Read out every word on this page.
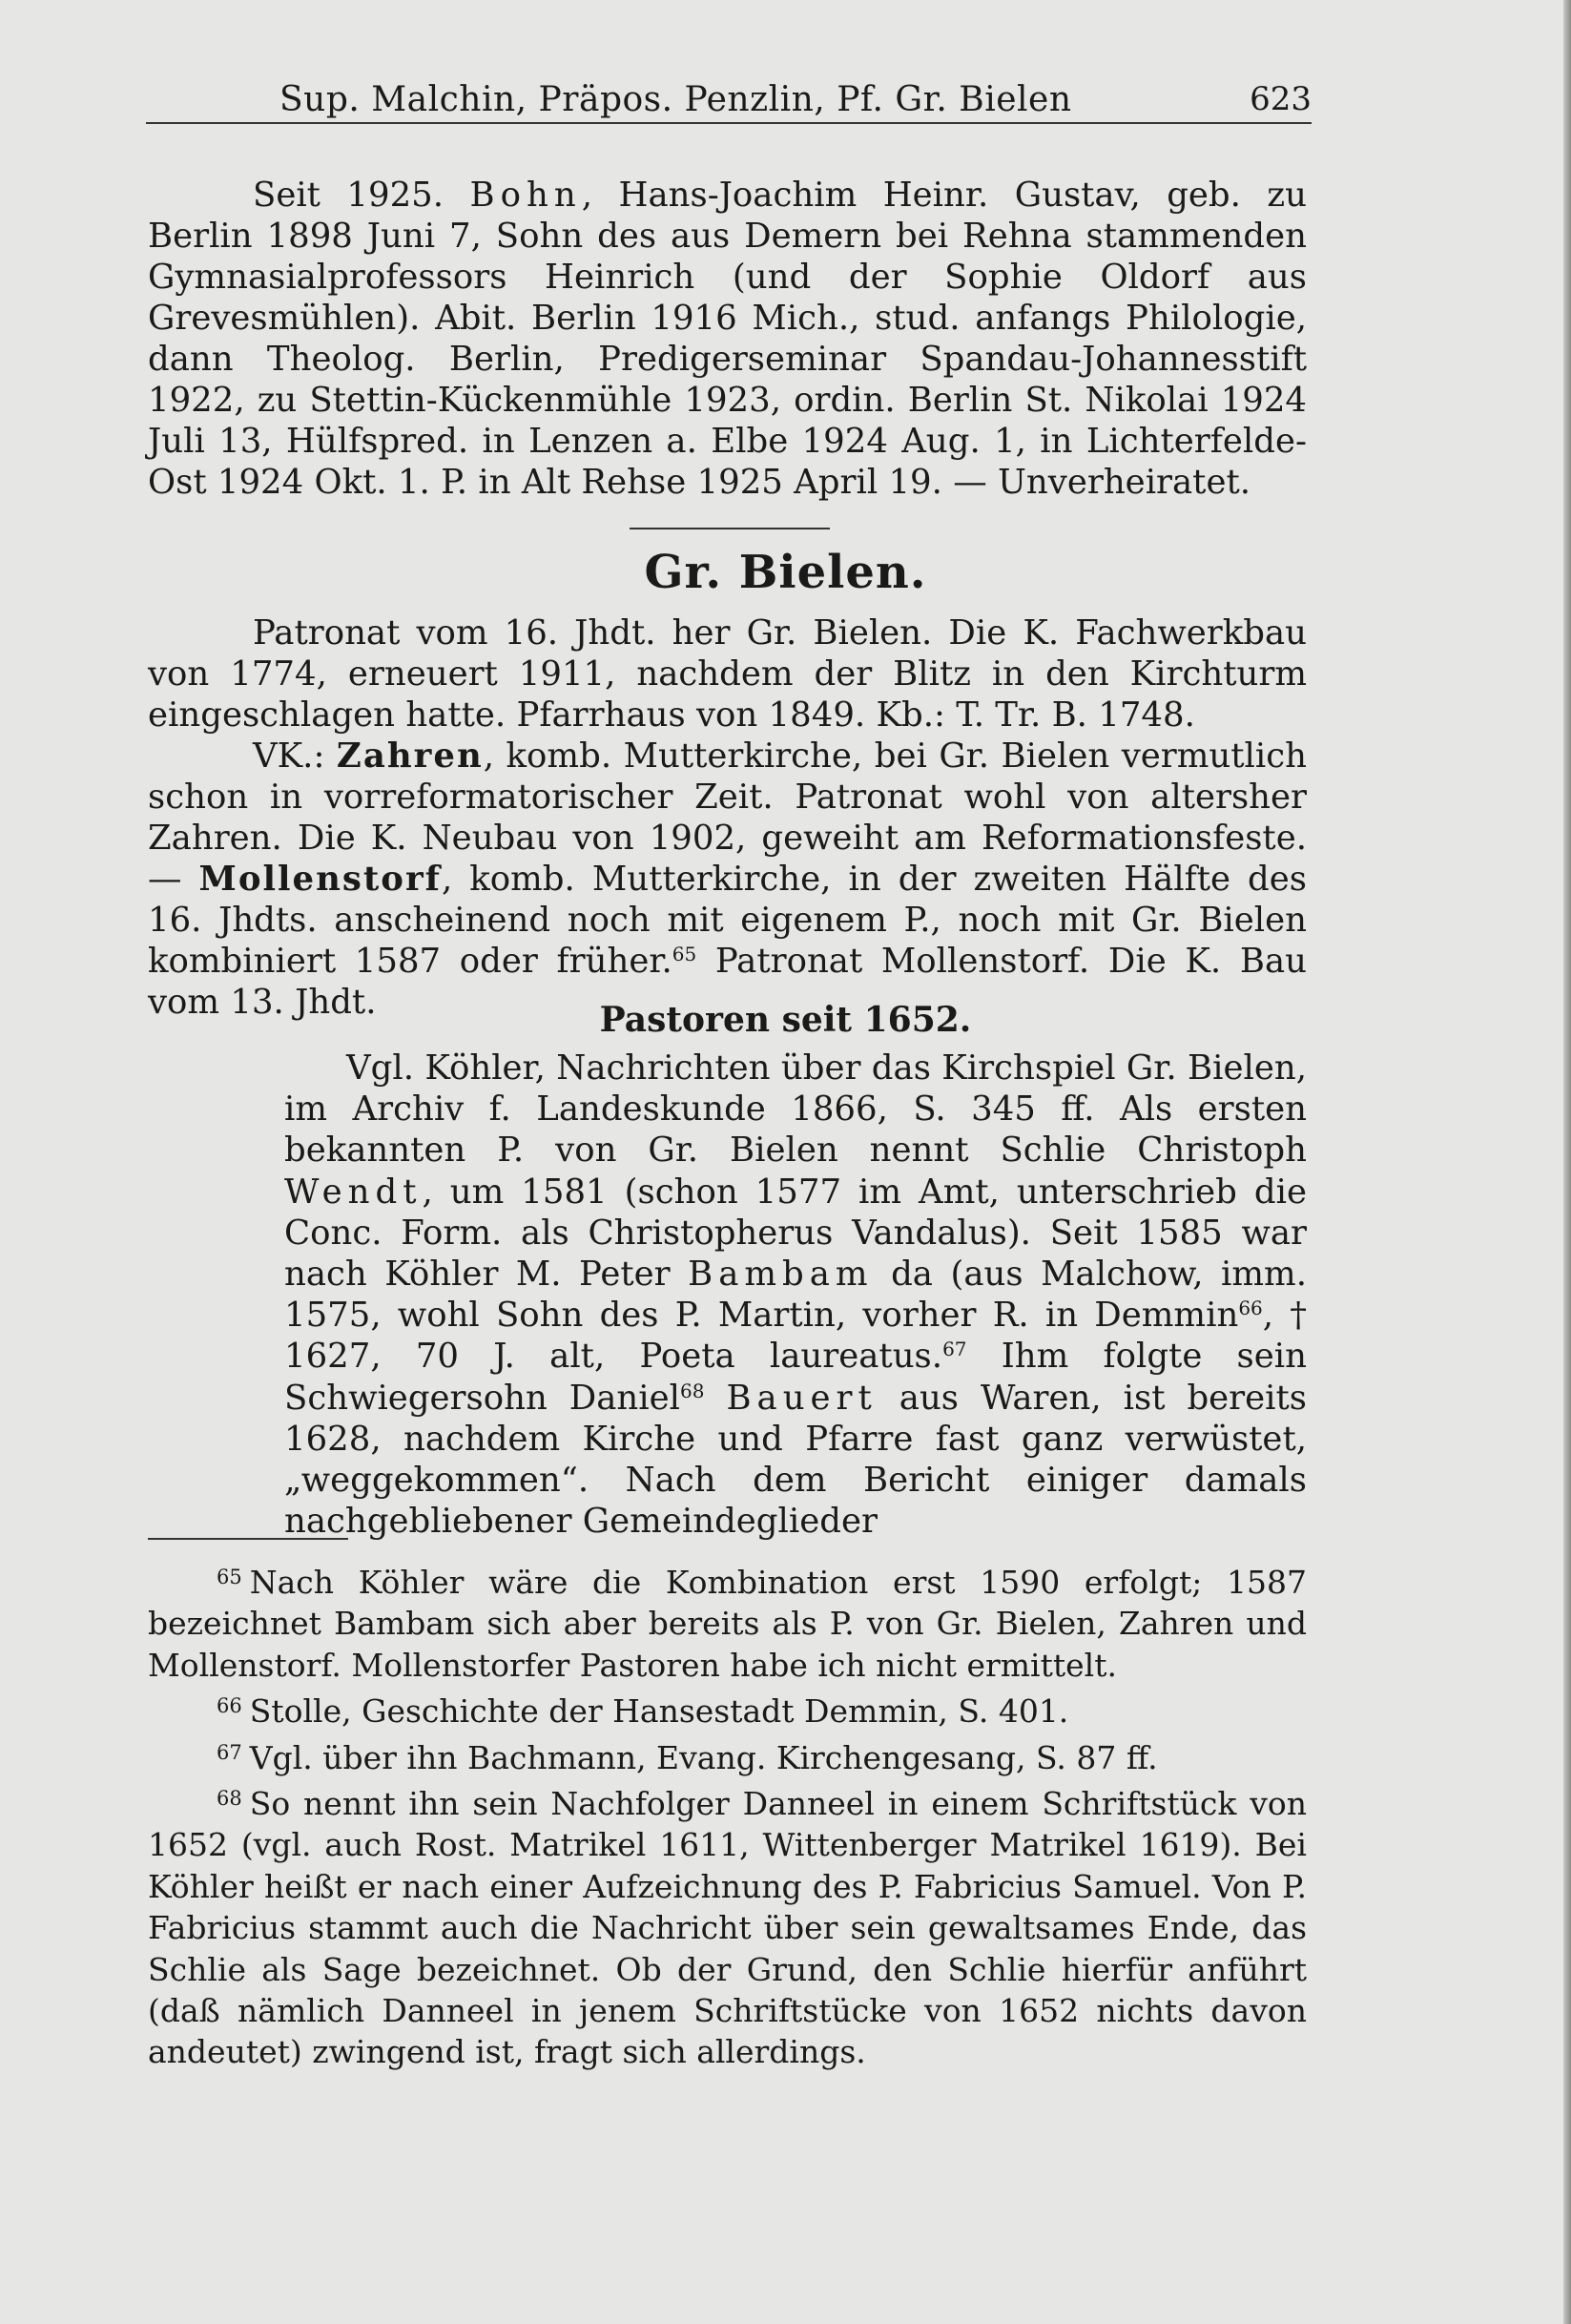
Sup. Malchin, Präpos. Penzlin, Pf. Gr. Bielen	623

Seit 1925. Bohn, Hans-Joachim Heinr. Gustav, geb. zu Berlin 1898 Juni 7, Sohn des aus Demern bei Rehna stammenden Gymnasialprofessors Heinrich (und der Sophie Oldorf aus Grevesmühlen). Abit. Berlin 1916 Mich., stud. anfangs Philologie, dann Theolog. Berlin, Predigerseminar Spandau-Johannesstift 1922, zu Stettin-Kückenmühle 1923, ordin. Berlin St. Nikolai 1924 Juli 13, Hülfspred. in Lenzen a. Elbe 1924 Aug. 1, in Lichterfelde-Ost 1924 Okt. 1. P. in Alt Rehse 1925 April 19. — Unverheiratet.

Gr. Bielen.

Patronat vom 16. Jhdt. her Gr. Bielen. Die K. Fachwerkbau von 1774, erneuert 1911, nachdem der Blitz in den Kirchturm eingeschlagen hatte. Pfarrhaus von 1849. Kb.: T. Tr. B. 1748.

VK.: Zahren, komb. Mutterkirche, bei Gr. Bielen vermutlich schon in vorreformatorischer Zeit. Patronat wohl von altersher Zahren. Die K. Neubau von 1902, geweiht am Reformationsfeste. — Mollenstorf, komb. Mutterkirche, in der zweiten Hälfte des 16. Jhdts. anscheinend noch mit eigenem P., noch mit Gr. Bielen kombiniert 1587 oder früher.$^{65}$ Patronat Mollenstorf. Die K. Bau vom 13. Jhdt.	Pastoren seit 1652.
Vgl. Köhler, Nachrichten über das Kirchspiel Gr. Bielen, im Archiv f. Landeskunde 1866, S. 345 ff. Als ersten bekannten P. von Gr. Bielen nennt Schlie Christoph Wendt, um 1581 (schon 1577 im Amt, unterschrieb die Conc. Form. als Christopherus Vandalus). Seit 1585 war nach Köhler M. Peter Bambam da (aus Malchow, imm. 1575, wohl Sohn des P. Martin, vorher R. in Demmin$^{66}$, † 1627, 70 J. alt, Poeta laureatus.$^{67}$ Ihm folgte sein Schwiegersohn Daniel$^{68}$ Bauert aus Waren, ist bereits 1628, nachdem Kirche und Pfarre fast ganz verwüstet, „weggekommen“. Nach dem Bericht einiger damals nachgebliebener Gemeindeglieder

$^{65}$ Nach Köhler wäre die Kombination erst 1590 erfolgt; 1587 bezeichnet Bambam sich aber bereits als P. von Gr. Bielen, Zahren und Mollenstorf. Mollenstorfer Pastoren habe ich nicht ermittelt.

$^{66}$ Stolle, Geschichte der Hansestadt Demmin, S. 401.

$^{67}$ Vgl. über ihn Bachmann, Evang. Kirchengesang, S. 87 ff.

$^{68}$ So nennt ihn sein Nachfolger Danneel in einem Schriftstück von 1652 (vgl. auch Rost. Matrikel 1611, Wittenberger Matrikel 1619). Bei Köhler heißt er nach einer Aufzeichnung des P. Fabricius Samuel. Von P. Fabricius stammt auch die Nachricht über sein gewaltsames Ende, das Schlie als Sage bezeichnet. Ob der Grund, den Schlie hierfür anführt (daß nämlich Danneel in jenem Schriftstücke von 1652 nichts davon andeutet) zwingend ist, fragt sich allerdings.
